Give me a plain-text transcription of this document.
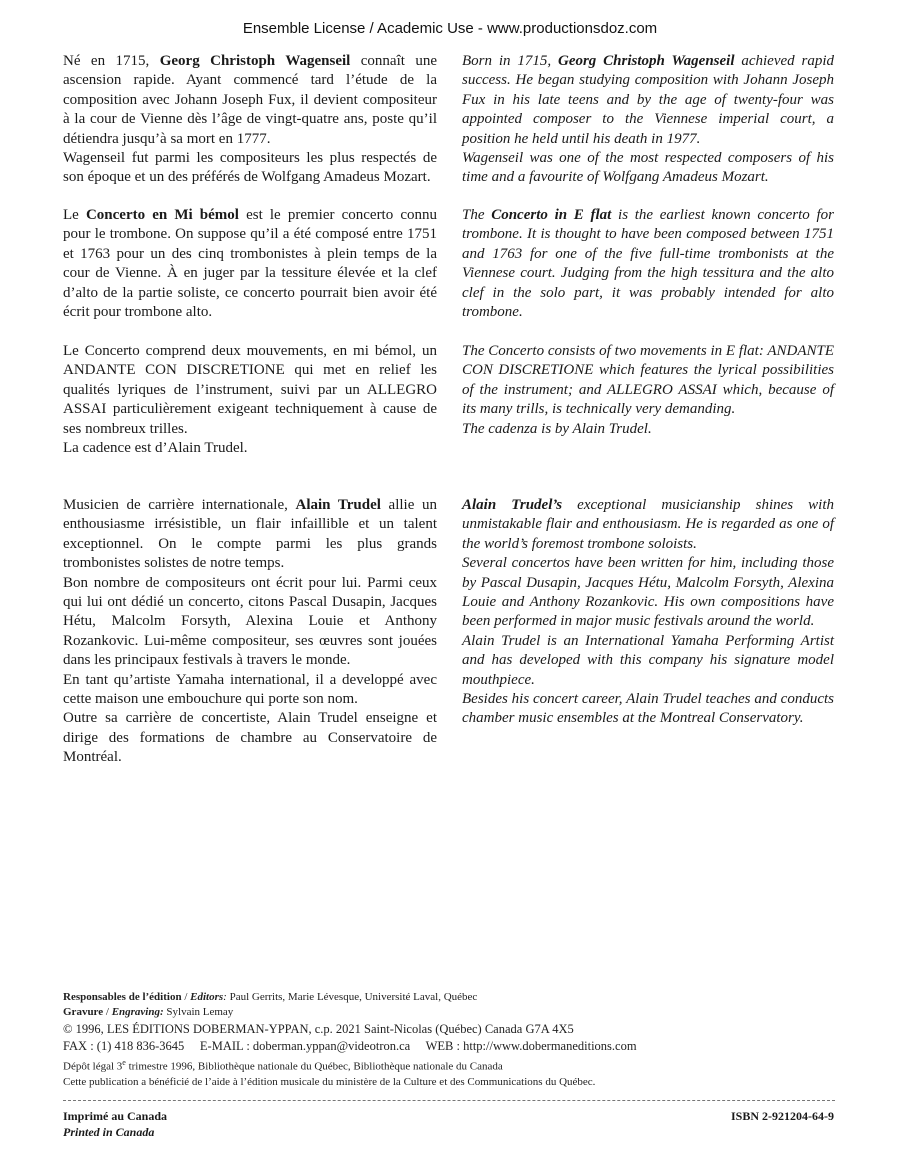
Ensemble License / Academic Use - www.productionsdoz.com

Né en 1715, Georg Christoph Wagenseil connaît une ascension rapide. Ayant commencé tard l’étude de la composition avec Johann Joseph Fux, il devient compositeur à la cour de Vienne dès l’âge de vingt-quatre ans, poste qu’il détiendra jusqu’à sa mort en 1777.

Wagenseil fut parmi les compositeurs les plus respectés de son époque et un des préférés de Wolfgang Amadeus Mozart.

Le Concerto en Mi bémol est le premier concerto connu pour le trombone. On suppose qu’il a été composé entre 1751 et 1763 pour un des cinq trombonistes à plein temps de la cour de Vienne. À en juger par la tessiture élevée et la clef d’alto de la partie soliste, ce concerto pourrait bien avoir été écrit pour trombone alto.

Le Concerto comprend deux mouvements, en mi bémol, un ANDANTE CON DISCRETIONE qui met en relief les qualités lyriques de l’instrument, suivi par un ALLEGRO ASSAI particulièrement exigeant techniquement à cause de ses nombreux trilles.

La cadence est d’Alain Trudel.

Musicien de carrière internationale, Alain Trudel allie un enthousiasme irrésistible, un flair infaillible et un talent exceptionnel. On le compte parmi les plus grands trombonistes solistes de notre temps.

Bon nombre de compositeurs ont écrit pour lui. Parmi ceux qui lui ont dédié un concerto, citons Pascal Dusapin, Jacques Hétu, Malcolm Forsyth, Alexina Louie et Anthony Rozankovic. Lui-même compositeur, ses œuvres sont jouées dans les principaux festivals à travers le monde.

En tant qu’artiste Yamaha international, il a developpé avec cette maison une embouchure qui porte son nom.

Outre sa carrière de concertiste, Alain Trudel enseigne et dirige des formations de chambre au Conservatoire de Montréal.

Born in 1715, Georg Christoph Wagenseil achieved rapid success. He began studying composition with Johann Joseph Fux in his late teens and by the age of twenty-four was appointed composer to the Viennese imperial court, a position he held until his death in 1977.

Wagenseil was one of the most respected composers of his time and a favourite of Wolfgang Amadeus Mozart.

The Concerto in E flat is the earliest known concerto for trombone. It is thought to have been composed between 1751 and 1763 for one of the five full-time trombonists at the Viennese court. Judging from the high tessitura and the alto clef in the solo part, it was probably intended for alto trombone.

The Concerto consists of two movements in E flat: ANDANTE CON DISCRETIONE which features the lyrical possibilities of the instrument; and ALLEGRO ASSAI which, because of its many trills, is technically very demanding.

The cadenza is by Alain Trudel.

Alain Trudel’s exceptional musicianship shines with unmistakable flair and enthousiasm. He is regarded as one of the world’s foremost trombone soloists.

Several concertos have been written for him, including those by Pascal Dusapin, Jacques Hétu, Malcolm Forsyth, Alexina Louie and Anthony Rozankovic. His own compositions have been performed in major music festivals around the world.

Alain Trudel is an International Yamaha Performing Artist and has developed with this company his signature model mouthpiece.

Besides his concert career, Alain Trudel teaches and conducts chamber music ensembles at the Montreal Conservatory.

Responsables de l’édition / Editors: Paul Gerrits, Marie Lévesque, Université Laval, Québec

Gravure / Engraving: Sylvain Lemay

© 1996, LES ÉDITIONS DOBERMAN-YPPAN, c.p. 2021 Saint-Nicolas (Québec) Canada G7A 4X5

FAX : (1) 418 836-3645     E-MAIL : doberman.yppan@videotron.ca     WEB : http://www.dobermaneditions.com

Dépôt légal 3e trimestre 1996, Bibliothèque nationale du Québec, Bibliothèque nationale du Canada

Cette publication a bénéficié de l’aide à l’édition musicale du ministère de la Culture et des Communications du Québec.

Imprimé au Canada
Printed in Canada
ISBN 2-921204-64-9
